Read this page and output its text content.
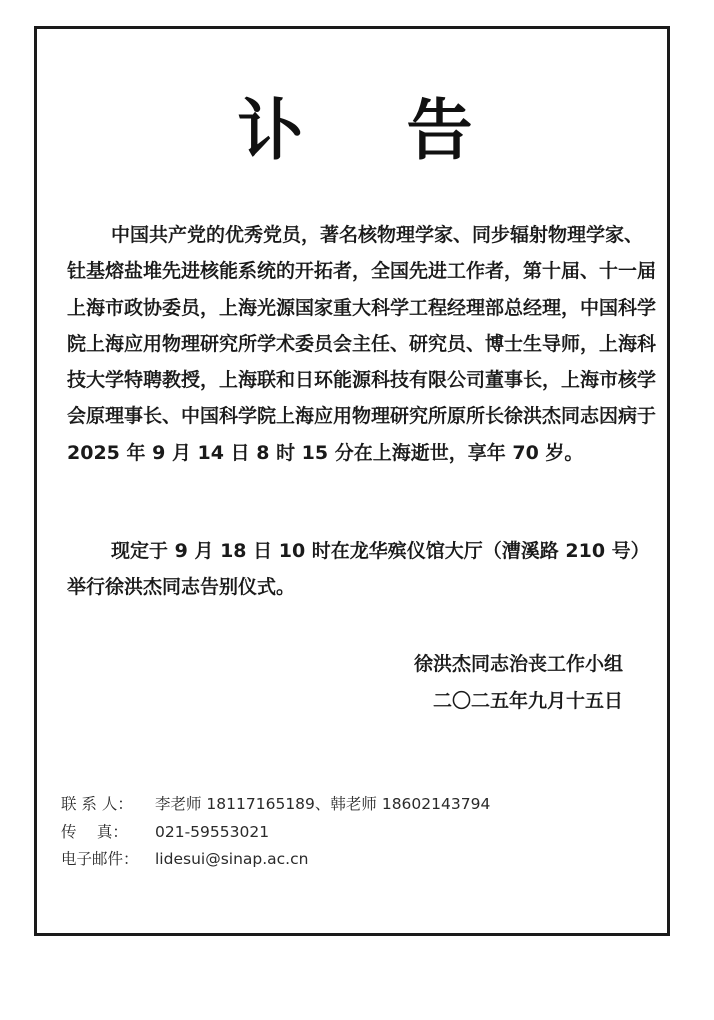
讣 告

中国共产党的优秀党员，著名核物理学家、同步辐射物理学家、钍基熔盐堆先进核能系统的开拓者，全国先进工作者，第十届、十一届上海市政协委员，上海光源国家重大科学工程经理部总经理，中国科学院上海应用物理研究所学术委员会主任、研究员、博士生导师，上海科技大学特聘教授，上海联和日环能源科技有限公司董事长，上海市核学会原理事长、中国科学院上海应用物理研究所原所长徐洪杰同志因病于 2025 年 9 月 14 日 8 时 15 分在上海逝世，享年 70 岁。

现定于 9 月 18 日 10 时在龙华殡仪馆大厅（漕溪路 210 号）举行徐洪杰同志告别仪式。

徐洪杰同志治丧工作小组

二〇二五年九月十五日

联 系 人： 李老师 18117165189、韩老师 18602143794
传　 真： 021-59553021
电子邮件： lidesui@sinap.ac.cn
